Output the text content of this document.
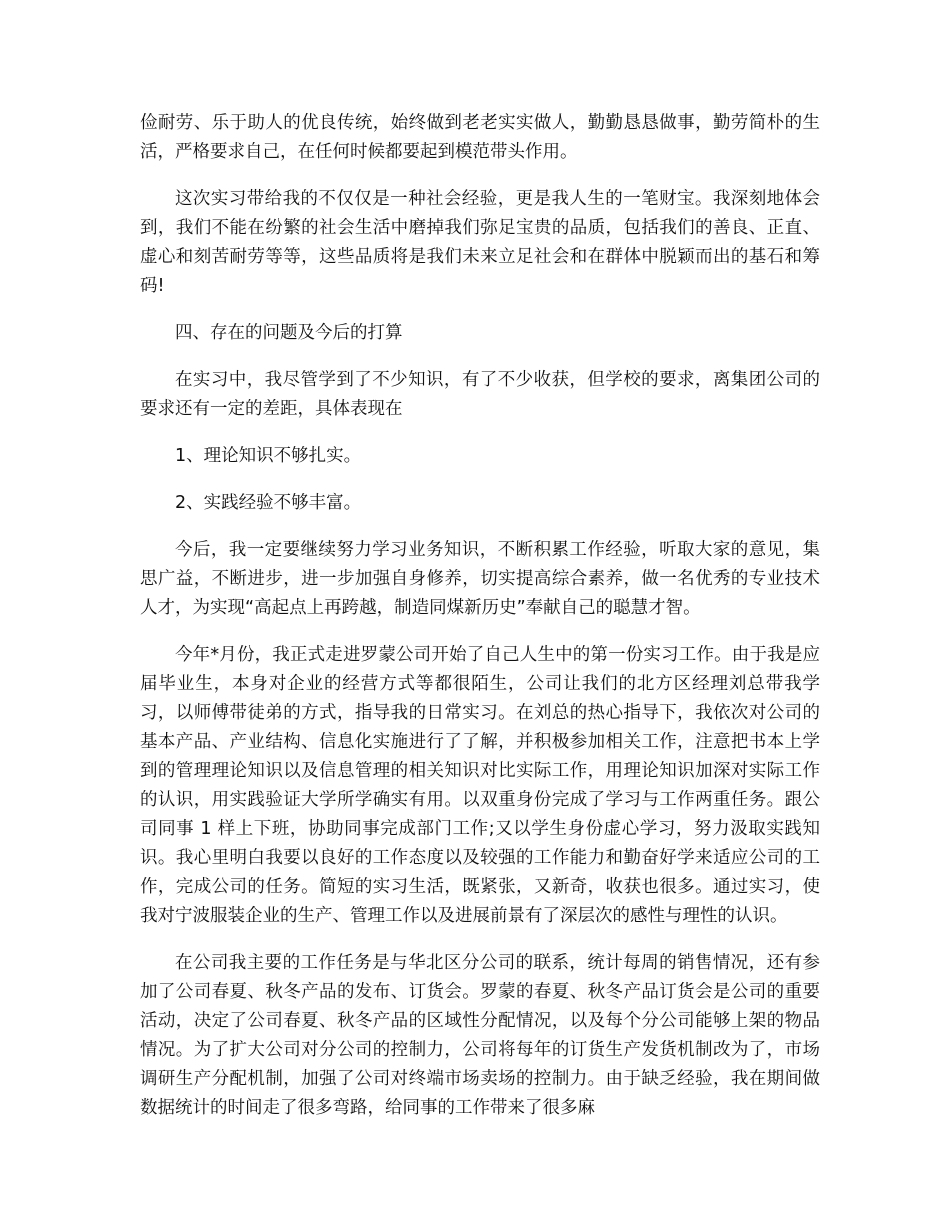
俭耐劳、乐于助人的优良传统，始终做到老老实实做人，勤勤恳恳做事，勤劳简朴的生活，严格要求自己，在任何时候都要起到模范带头作用。

这次实习带给我的不仅仅是一种社会经验，更是我人生的一笔财宝。我深刻地体会到，我们不能在纷繁的社会生活中磨掉我们弥足宝贵的品质，包括我们的善良、正直、虚心和刻苦耐劳等等，这些品质将是我们未来立足社会和在群体中脱颖而出的基石和筹码!

四、存在的问题及今后的打算

在实习中，我尽管学到了不少知识，有了不少收获，但学校的要求，离集团公司的要求还有一定的差距，具体表现在

1、理论知识不够扎实。

2、实践经验不够丰富。

今后，我一定要继续努力学习业务知识，不断积累工作经验，听取大家的意见，集思广益，不断进步，进一步加强自身修养，切实提高综合素养，做一名优秀的专业技术人才，为实现“高起点上再跨越，制造同煤新历史”奉献自己的聪慧才智。

今年*月份，我正式走进罗蒙公司开始了自己人生中的第一份实习工作。由于我是应届毕业生，本身对企业的经营方式等都很陌生，公司让我们的北方区经理刘总带我学习，以师傅带徒弟的方式，指导我的日常实习。在刘总的热心指导下，我依次对公司的基本产品、产业结构、信息化实施进行了了解，并积极参加相关工作，注意把书本上学到的管理理论知识以及信息管理的相关知识对比实际工作，用理论知识加深对实际工作的认识，用实践验证大学所学确实有用。以双重身份完成了学习与工作两重任务。跟公司同事 1 样上下班，协助同事完成部门工作;又以学生身份虚心学习，努力汲取实践知识。我心里明白我要以良好的工作态度以及较强的工作能力和勤奋好学来适应公司的工作，完成公司的任务。简短的实习生活，既紧张，又新奇，收获也很多。通过实习，使我对宁波服装企业的生产、管理工作以及进展前景有了深层次的感性与理性的认识。

在公司我主要的工作任务是与华北区分公司的联系，统计每周的销售情况，还有参加了公司春夏、秋冬产品的发布、订货会。罗蒙的春夏、秋冬产品订货会是公司的重要活动，决定了公司春夏、秋冬产品的区域性分配情况，以及每个分公司能够上架的物品情况。为了扩大公司对分公司的控制力，公司将每年的订货生产发货机制改为了，市场调研生产分配机制，加强了公司对终端市场卖场的控制力。由于缺乏经验，我在期间做数据统计的时间走了很多弯路，给同事的工作带来了很多麻
